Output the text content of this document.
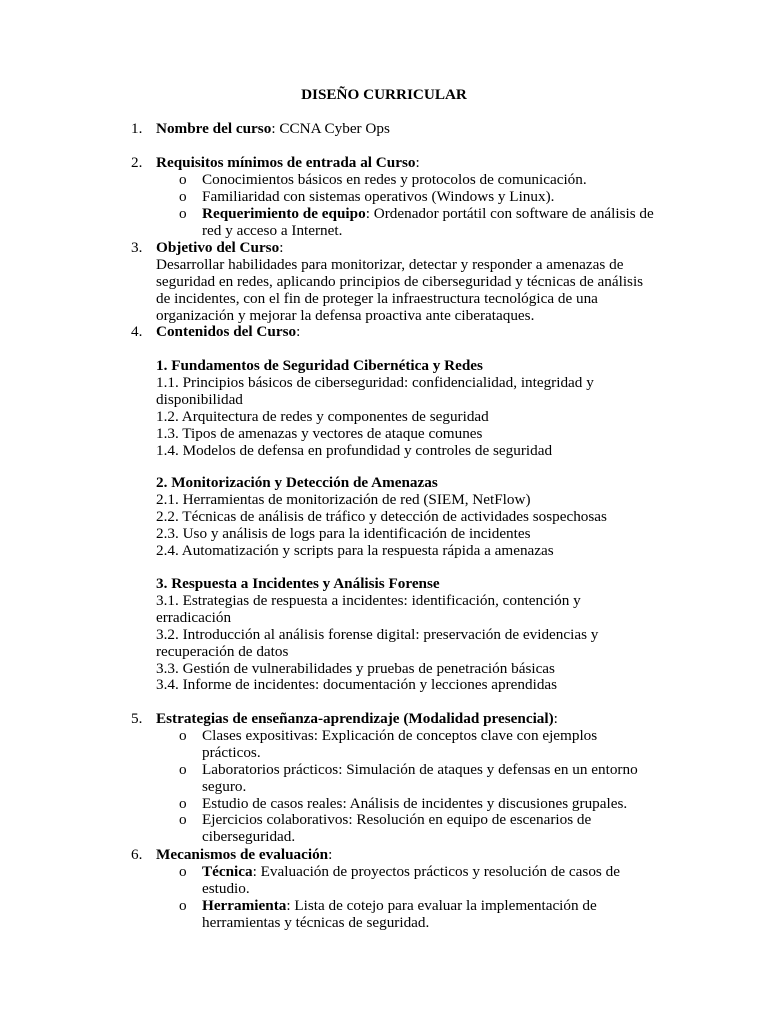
DISEÑO CURRICULAR
1. Nombre del curso: CCNA Cyber Ops
2. Requisitos mínimos de entrada al Curso:
o Conocimientos básicos en redes y protocolos de comunicación.
o Familiaridad con sistemas operativos (Windows y Linux).
o Requerimiento de equipo: Ordenador portátil con software de análisis de red y acceso a Internet.
3. Objetivo del Curso:
Desarrollar habilidades para monitorizar, detectar y responder a amenazas de seguridad en redes, aplicando principios de ciberseguridad y técnicas de análisis de incidentes, con el fin de proteger la infraestructura tecnológica de una organización y mejorar la defensa proactiva ante ciberataques.
4. Contenidos del Curso:
1. Fundamentos de Seguridad Cibernética y Redes
1.1. Principios básicos de ciberseguridad: confidencialidad, integridad y disponibilidad
1.2. Arquitectura de redes y componentes de seguridad
1.3. Tipos de amenazas y vectores de ataque comunes
1.4. Modelos de defensa en profundidad y controles de seguridad
2. Monitorización y Detección de Amenazas
2.1. Herramientas de monitorización de red (SIEM, NetFlow)
2.2. Técnicas de análisis de tráfico y detección de actividades sospechosas
2.3. Uso y análisis de logs para la identificación de incidentes
2.4. Automatización y scripts para la respuesta rápida a amenazas
3. Respuesta a Incidentes y Análisis Forense
3.1. Estrategias de respuesta a incidentes: identificación, contención y erradicación
3.2. Introducción al análisis forense digital: preservación de evidencias y recuperación de datos
3.3. Gestión de vulnerabilidades y pruebas de penetración básicas
3.4. Informe de incidentes: documentación y lecciones aprendidas
5. Estrategias de enseñanza-aprendizaje (Modalidad presencial):
o Clases expositivas: Explicación de conceptos clave con ejemplos prácticos.
o Laboratorios prácticos: Simulación de ataques y defensas en un entorno seguro.
o Estudio de casos reales: Análisis de incidentes y discusiones grupales.
o Ejercicios colaborativos: Resolución en equipo de escenarios de ciberseguridad.
6. Mecanismos de evaluación:
o Técnica: Evaluación de proyectos prácticos y resolución de casos de estudio.
o Herramienta: Lista de cotejo para evaluar la implementación de herramientas y técnicas de seguridad.
